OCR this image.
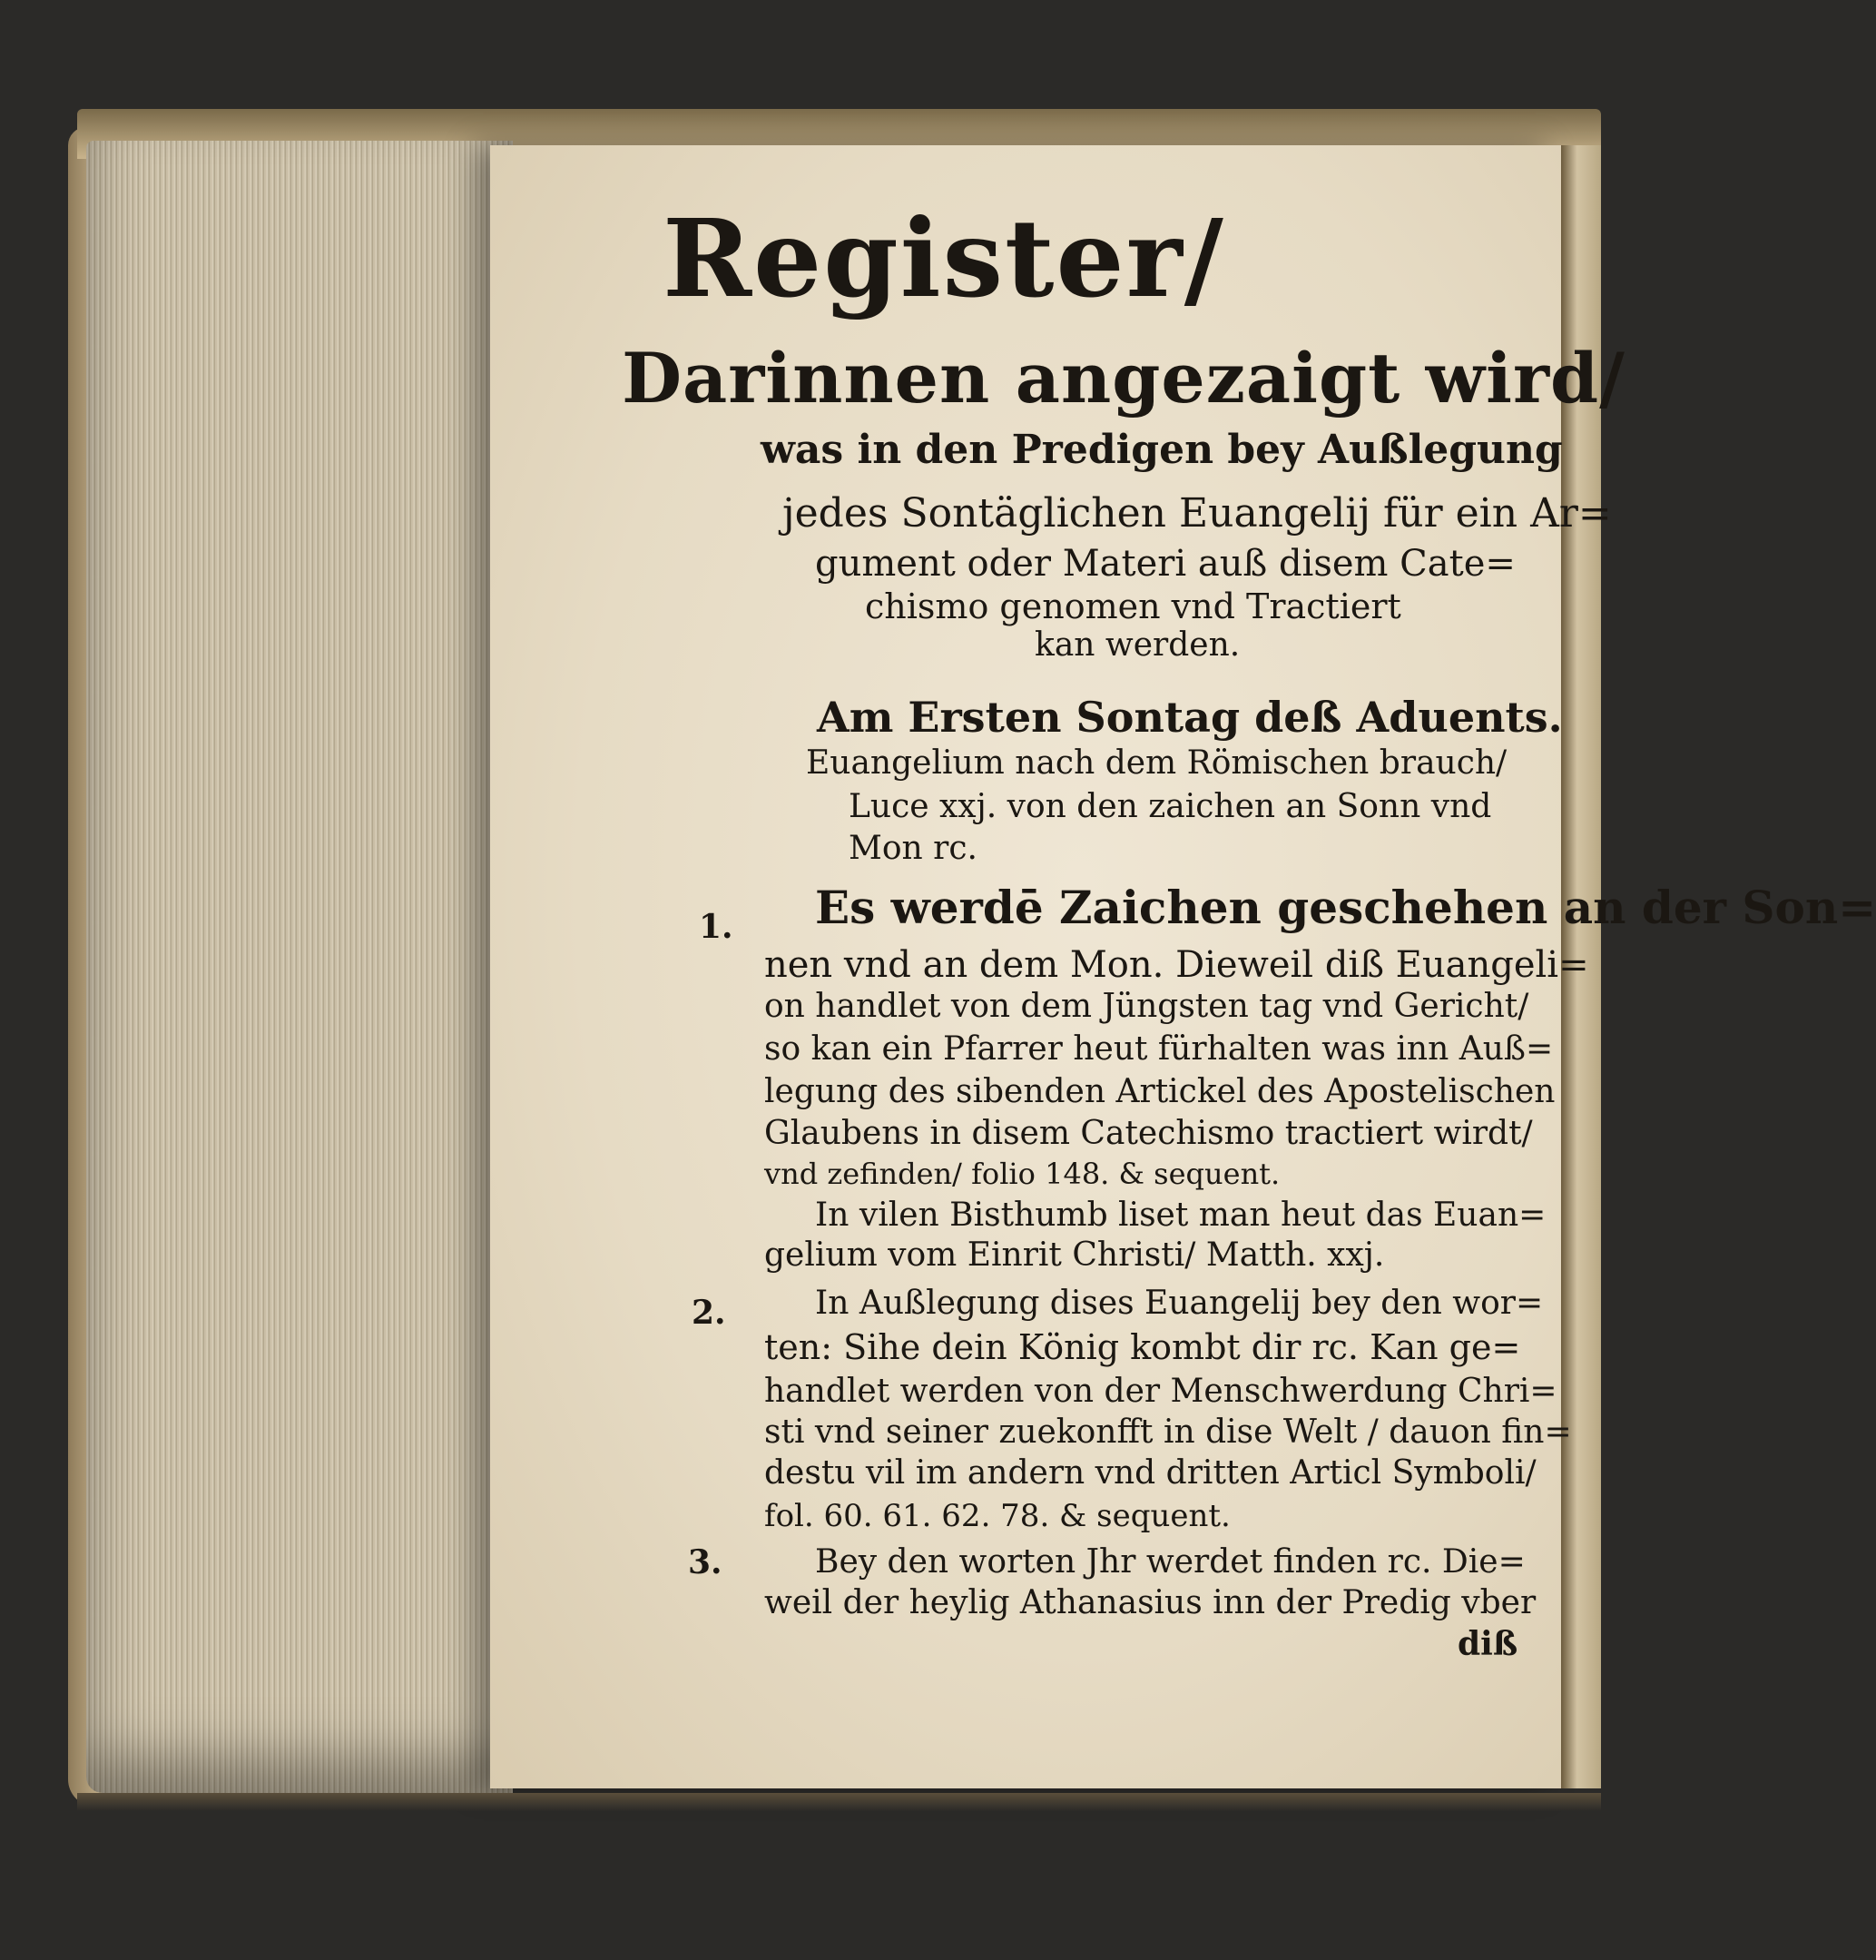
Register/
Darinnen angezaigt wird/
was in den Predigen bey Außlegung
jedes Sontäglichen Euangelij für ein Ar=
gument oder Materi auß disem Cate=
chismo genomen vnd Tractiert
kan werden.
Am Ersten Sontag deß Aduents.
Euangelium nach dem Römischen brauch/
Luce xxj. von den zaichen an Sonn vnd
Mon rc.
1. Es werdē Zaichen geschehen an der Son=
nen vnd an dem Mon. Dieweil diß Euangeli=
on handlet von dem Jüngsten tag vnd Gericht/
so kan ein Pfarrer heut fürhalten was inn Auß=
legung des sibenden Artickel des Apostelischen
Glaubens in disem Catechismo tractiert wirdt/
vnd zefinden/ folio 148. & sequent.
In vilen Bisthumb liset man heut das Euan=
gelium vom Einrit Christi/ Matth. xxj.
2.	In Außlegung dises Euangelij bey den wor=
ten: Sihe dein König kombt dir rc. Kan ge=
handlet werden von der Menschwerdung Chri=
sti vnd seiner zuekonfft in dise Welt / dauon fin=
destu vil im andern vnd dritten Articl Symboli/
fol. 60. 61. 62. 78. & sequent.
3.	Bey den worten Jhr werdet finden rc. Die=
weil der heylig Athanasius inn der Predig vber
diß
